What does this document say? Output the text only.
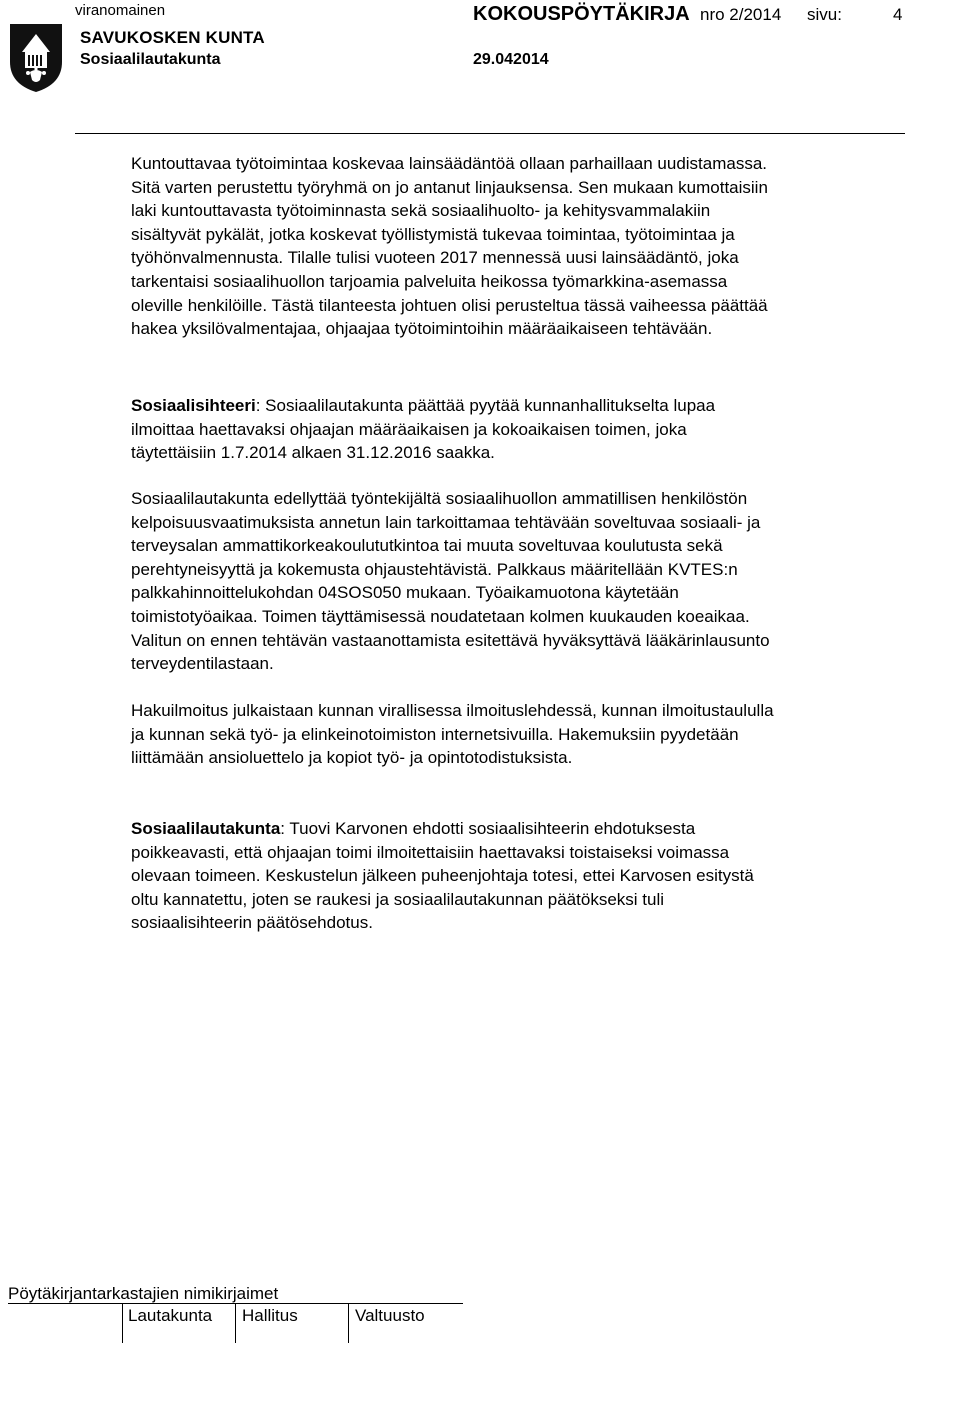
viranomainen	KOKOUSPÖYTÄKIRJA nro 2/2014 sivu:	4
SAVUKOSKEN KUNTA
Sosiaalilautakunta	29.042014
Kuntouttavaa työtoimintaa koskevaa lainsäädäntöä ollaan parhaillaan uudistamassa.
Sitä varten perustettu työryhmä on jo antanut linjauksensa. Sen mukaan kumottaisiin
laki kuntouttavasta työtoiminnasta sekä sosiaalihuolto- ja kehitysvammalakiin
sisältyvät pykälät, jotka koskevat työllistymistä tukevaa toimintaa, työtoimintaa ja
työhönvalmennusta. Tilalle tulisi vuoteen 2017 mennessä uusi lainsäädäntö, joka
tarkentaisi sosiaalihuollon tarjoamia palveluita heikossa työmarkkina-asemassa
oleville henkilöille. Tästä tilanteesta johtuen olisi perusteltua tässä vaiheessa päättää
hakea yksilövalmentajaa, ohjaajaa työtoimintoihin määräaikaiseen tehtävään.
Sosiaalisihteeri: Sosiaalilautakunta päättää pyytää kunnanhallitukselta lupaa
ilmoittaa haettavaksi ohjaajan määräaikaisen ja kokoaikaisen toimen, joka
täytettäisiin 1.7.2014 alkaen 31.12.2016 saakka.
Sosiaalilautakunta edellyttää työntekijältä sosiaalihuollon ammatillisen henkilöstön
kelpoisuusvaatimuksista annetun lain tarkoittamaa tehtävään soveltuvaa sosiaali- ja
terveysalan ammattikorkeakoulututkintoa tai muuta soveltuvaa koulutusta sekä
perehtyneisyyttä ja kokemusta ohjaustehtävistä. Palkkaus määritellään KVTES:n
palkkahinnoittelukohdan 04SOS050 mukaan. Työaikamuotona käytetään
toimistotyöaikaa. Toimen täyttämisessä noudatetaan kolmen kuukauden koeaikaa.
Valitun on ennen tehtävän vastaanottamista esitettävä hyväksyttävä lääkärinlausunto
terveydentilastaan.
Hakuilmoitus julkaistaan kunnan virallisessa ilmoituslehdessä, kunnan ilmoitustaululla
ja kunnan sekä työ- ja elinkeinotoimiston internetsivuilla. Hakemuksiin pyydetään
liittämään ansioluettelo ja kopiot työ- ja opintotodistuksista.
Sosiaalilautakunta: Tuovi Karvonen ehdotti sosiaalisihteerin ehdotuksesta
poikkeavasti, että ohjaajan toimi ilmoitettaisiin haettavaksi toistaiseksi voimassa
olevaan toimeen. Keskustelun jälkeen puheenjohtaja totesi, ettei Karvosen esitystä
oltu kannatettu, joten se raukesi ja sosiaalilautakunnan päätökseksi tuli
sosiaalisihteerin päätösehdotus.
Pöytäkirjantarkastajien nimikirjaimet
Lautakunta Hallitus	Valtuusto
